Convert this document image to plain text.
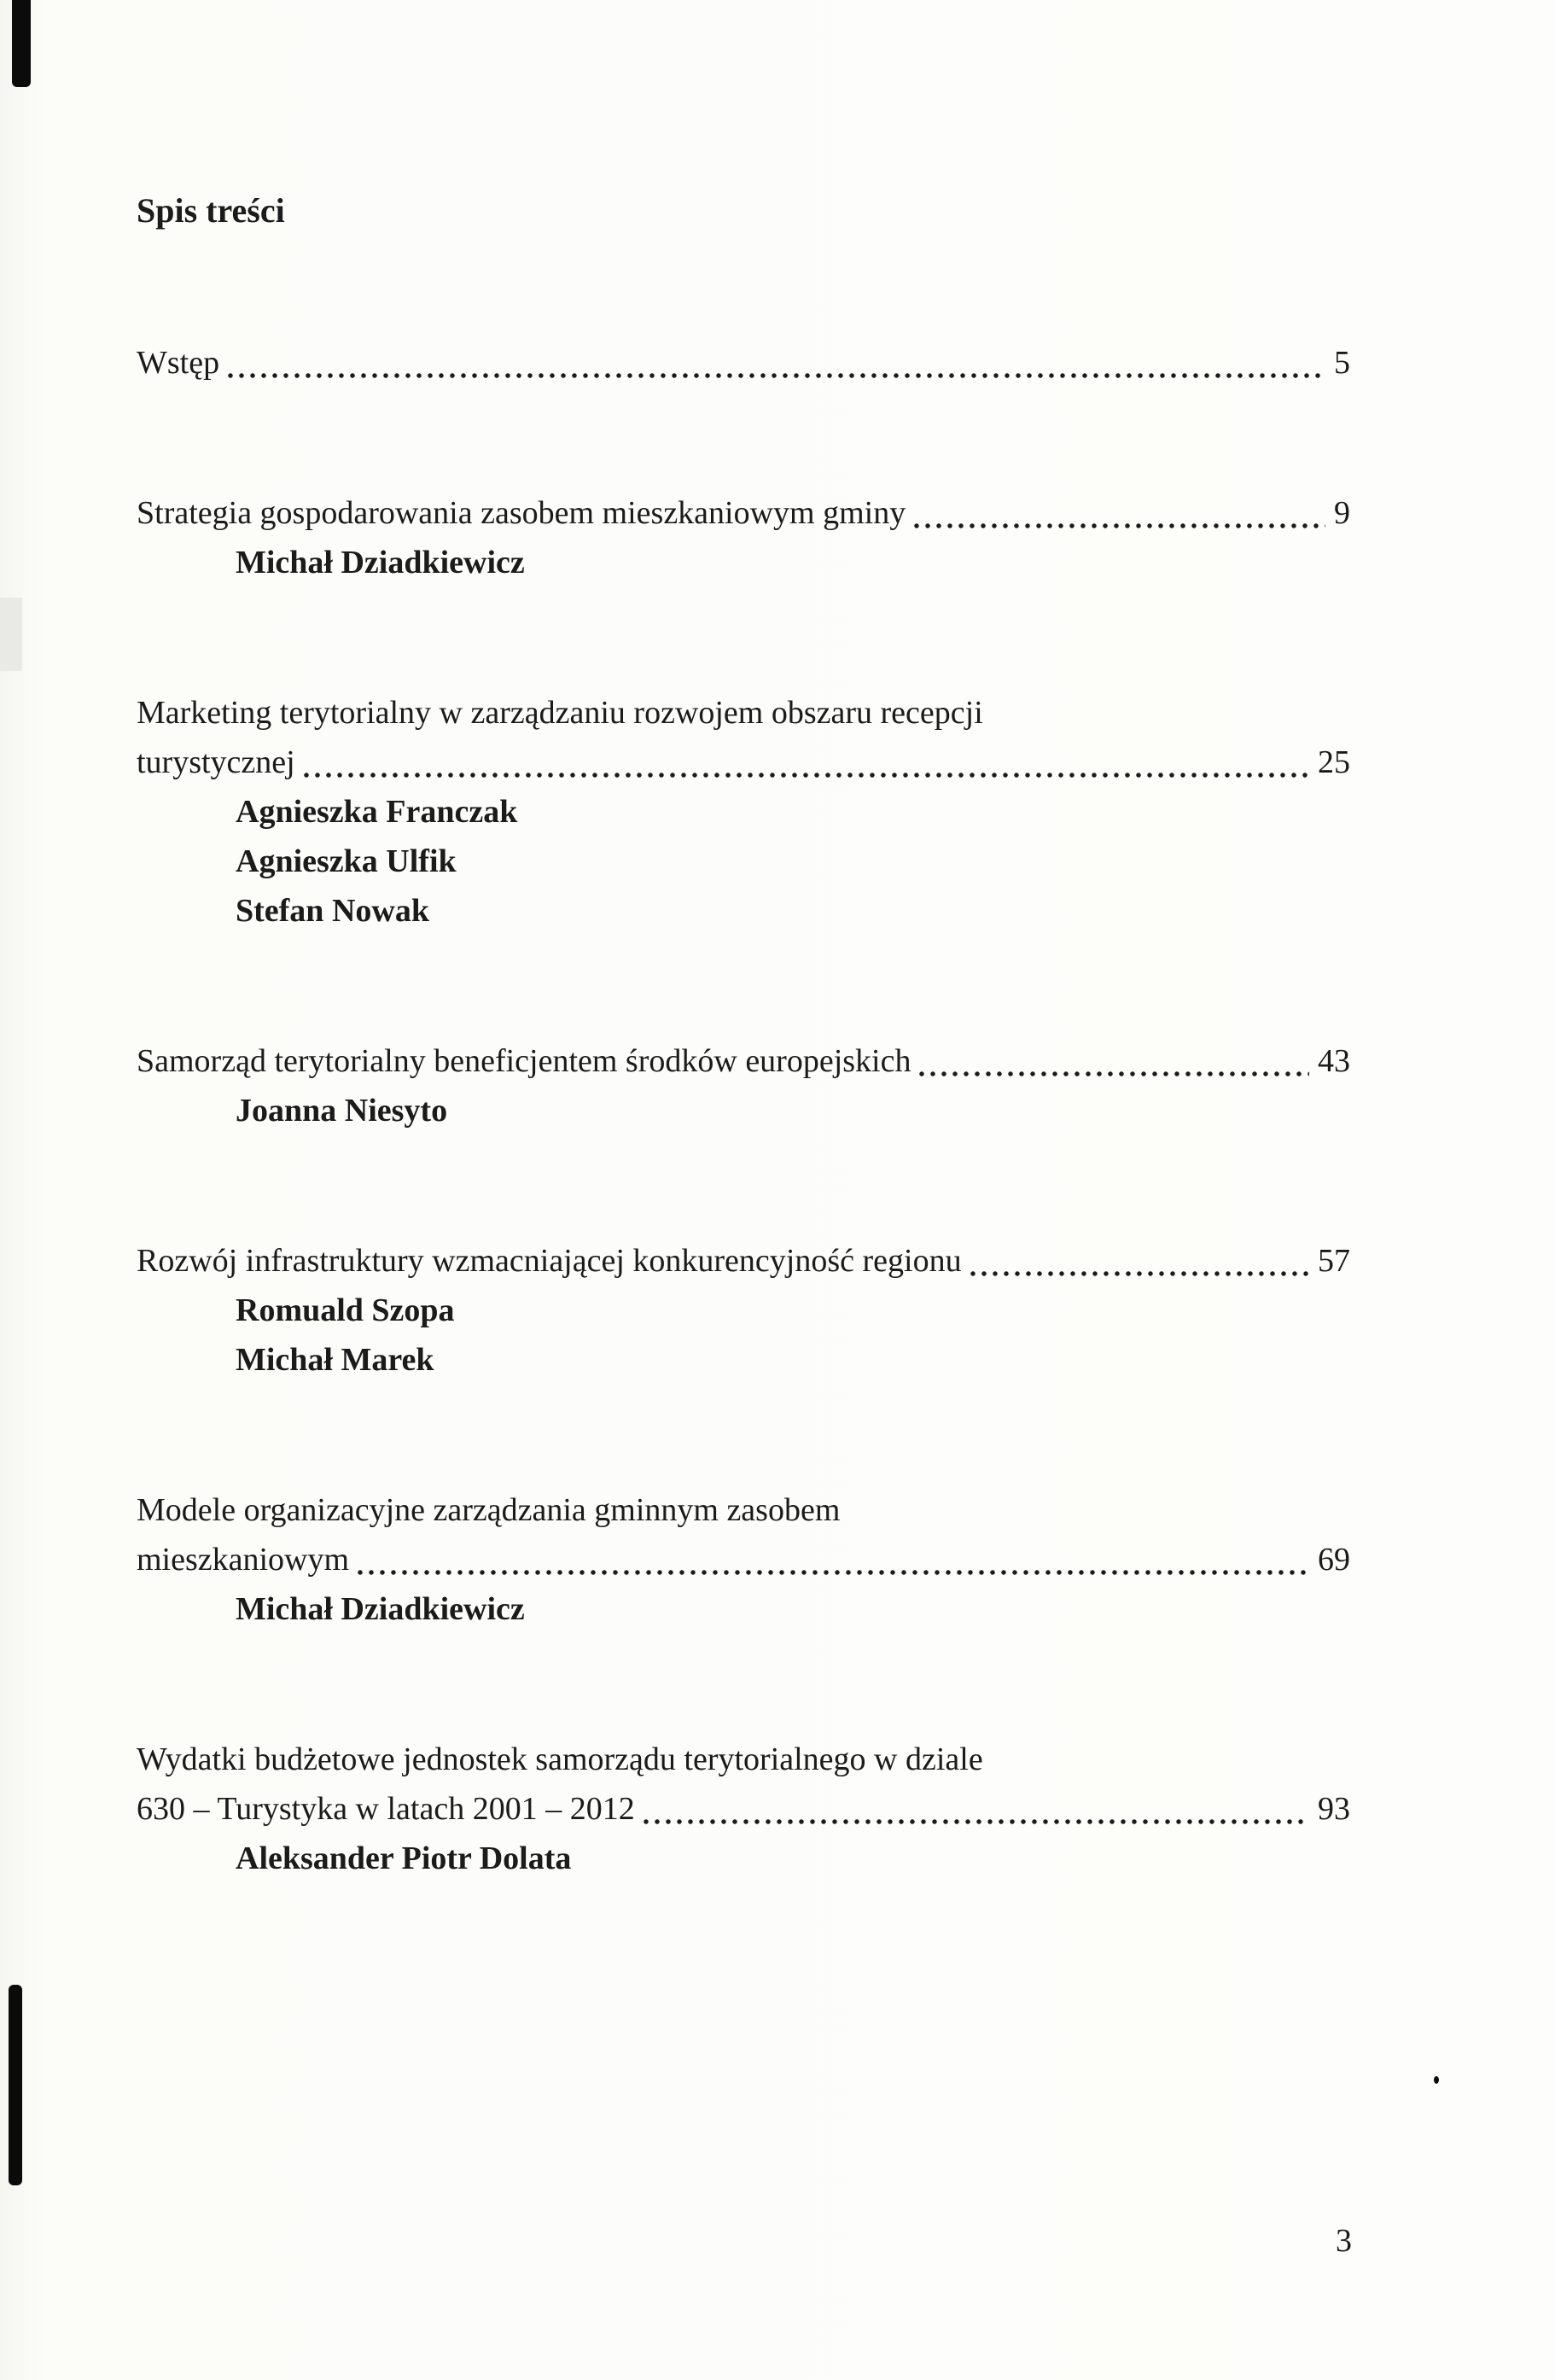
Spis treści
Wstęp	5
Strategia gospodarowania zasobem mieszkaniowym gminy	9
Michał Dziadkiewicz
Marketing terytorialny w zarządzaniu rozwojem obszaru recepcji
turystycznej	25
Agnieszka Franczak
Agnieszka Ulfik
Stefan Nowak
Samorząd terytorialny beneficjentem środków europejskich	43
Joanna Niesyto
Rozwój infrastruktury wzmacniającej konkurencyjność regionu	57
Romuald Szopa
Michał Marek
Modele organizacyjne zarządzania gminnym zasobem
mieszkaniowym	69
Michał Dziadkiewicz
Wydatki budżetowe jednostek samorządu terytorialnego w dziale
630 – Turystyka w latach 2001 – 2012	93
Aleksander Piotr Dolata
3
